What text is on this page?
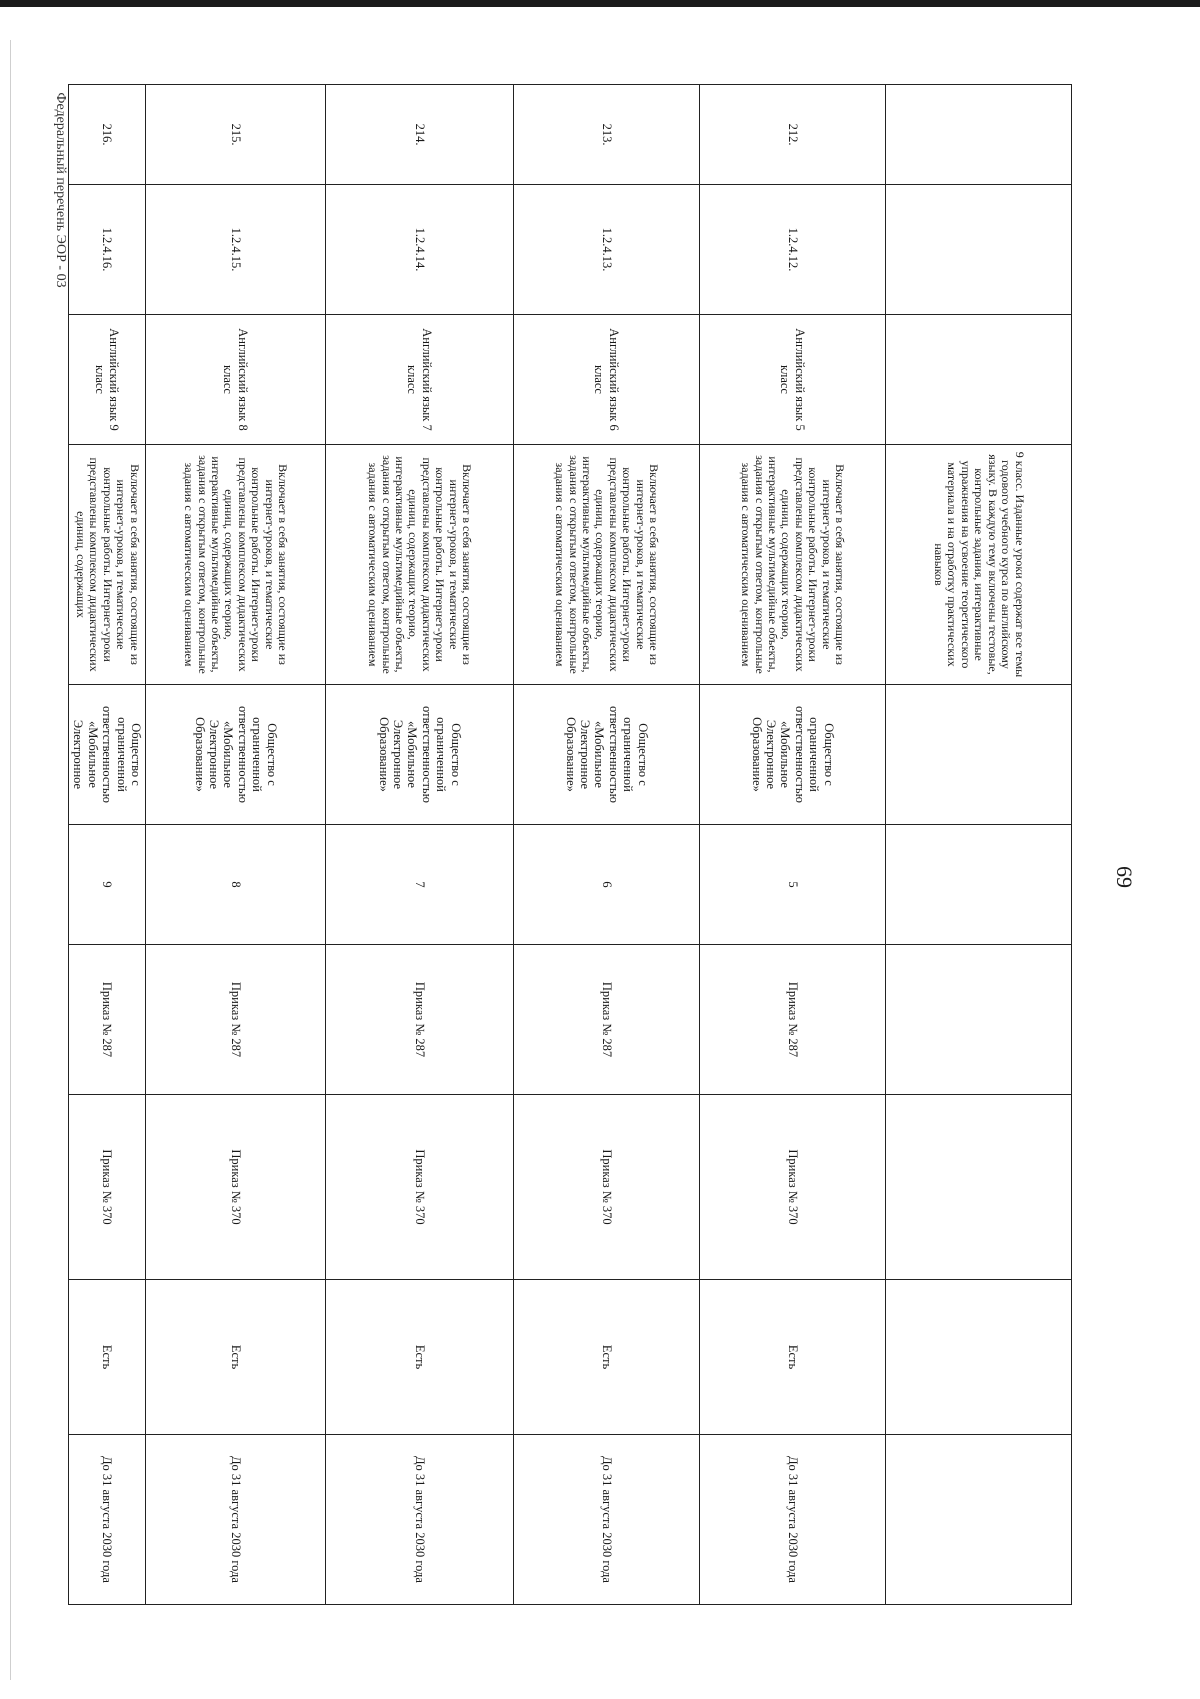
69
Федеральный перечень ЭОР - 03
			9 класс. Изданные уроки содержат все темы годового учебного курса по английскому языку. В каждую тему включены тестовые, контрольные задания, интерактивные упражнения на усвоение теоретического материала и на отработку практических навыков						
212.	1.2.4.12.	Английский язык 5 класс	Включает в себя занятия, состоящие из интернет-уроков, и тематические контрольные работы. Интернет-уроки представлены комплексом дидактических единиц, содержащих теорию, интерактивные мультимедийные объекты, задания с открытым ответом, контрольные задания с автоматическим оцениванием	Общество с ограниченной ответственностью «Мобильное Электронное Образование»	5	Приказ № 287	Приказ № 370	Есть	До 31 августа 2030 года
213.	1.2.4.13.	Английский язык 6 класс	Включает в себя занятия, состоящие из интернет-уроков, и тематические контрольные работы. Интернет-уроки представлены комплексом дидактических единиц, содержащих теорию, интерактивные мультимедийные объекты, задания с открытым ответом, контрольные задания с автоматическим оцениванием	Общество с ограниченной ответственностью «Мобильное Электронное Образование»	6	Приказ № 287	Приказ № 370	Есть	До 31 августа 2030 года
214.	1.2.4.14.	Английский язык 7 класс	Включает в себя занятия, состоящие из интернет-уроков, и тематические контрольные работы. Интернет-уроки представлены комплексом дидактических единиц, содержащих теорию, интерактивные мультимедийные объекты, задания с открытым ответом, контрольные задания с автоматическим оцениванием	Общество с ограниченной ответственностью «Мобильное Электронное Образование»	7	Приказ № 287	Приказ № 370	Есть	До 31 августа 2030 года
215.	1.2.4.15.	Английский язык 8 класс	Включает в себя занятия, состоящие из интернет-уроков, и тематические контрольные работы. Интернет-уроки представлены комплексом дидактических единиц, содержащих теорию, интерактивные мультимедийные объекты, задания с открытым ответом, контрольные задания с автоматическим оцениванием	Общество с ограниченной ответственностью «Мобильное Электронное Образование»	8	Приказ № 287	Приказ № 370	Есть	До 31 августа 2030 года
216.	1.2.4.16.	Английский язык 9 класс	Включает в себя занятия, состоящие из интернет-уроков, и тематические контрольные работы. Интернет-уроки представлены комплексом дидактических единиц, содержащих	Общество с ограниченной ответственностью «Мобильное Электронное	9	Приказ № 287	Приказ № 370	Есть	До 31 августа 2030 года
